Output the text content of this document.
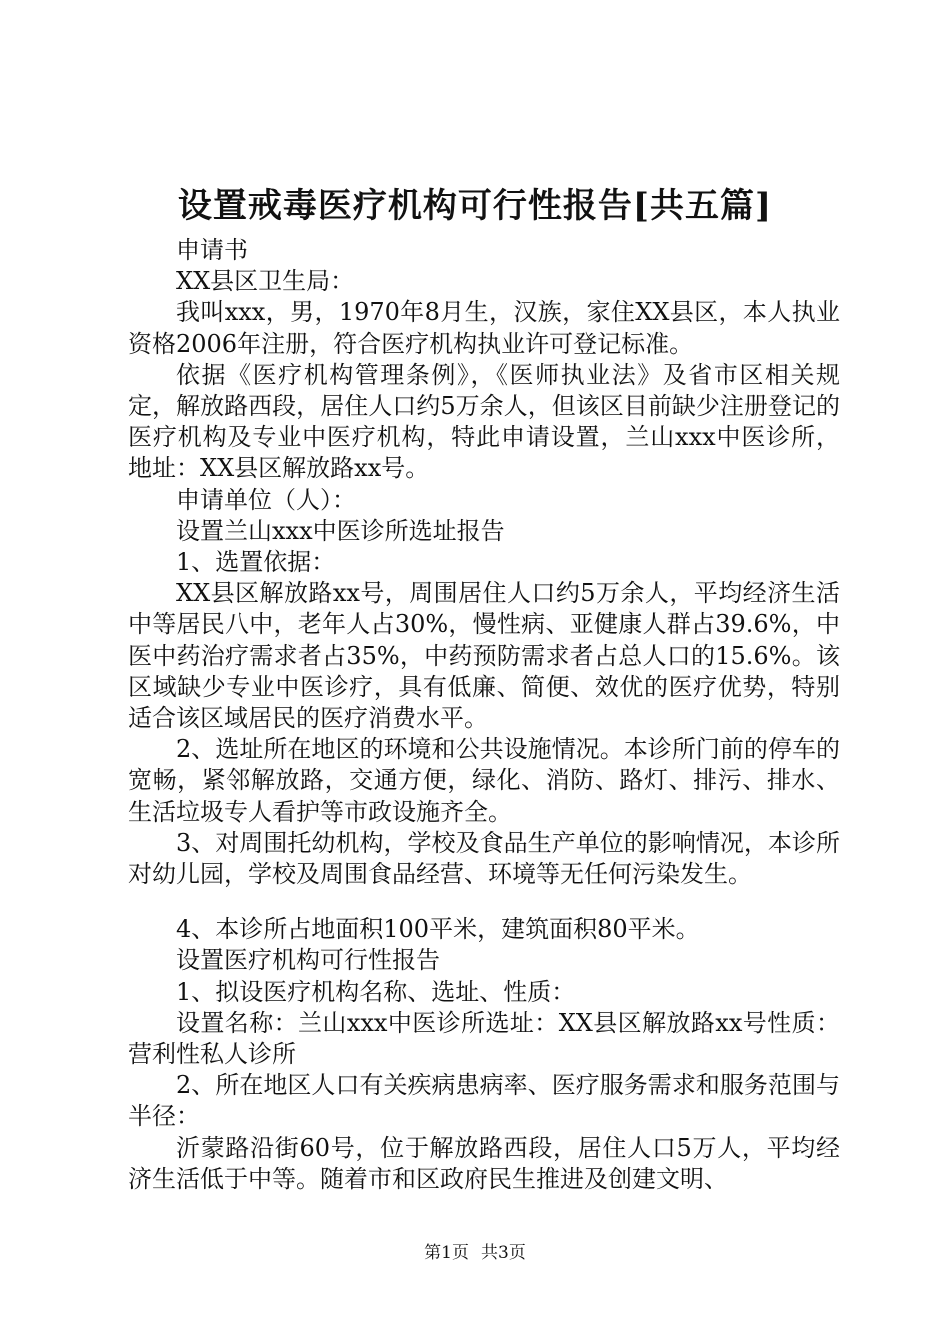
设置戒毒医疗机构可行性报告[共五篇]

申请书

XX县区卫生局：

我叫xxx，男，1970年8月生，汉族，家住XX县区，本人执业资格2006年注册，符合医疗机构执业许可登记标准。

依据《医疗机构管理条例》，《医师执业法》及省市区相关规定，解放路西段，居住人口约5万余人，但该区目前缺少注册登记的医疗机构及专业中医疗机构，特此申请设置，兰山xxx中医诊所，地址：XX县区解放路xx号。

申请单位（人）：

设置兰山xxx中医诊所选址报告

1、选置依据：

XX县区解放路xx号，周围居住人口约5万余人，平均经济生活中等居民八中，老年人占30%，慢性病、亚健康人群占39.6%，中医中药治疗需求者占35%，中药预防需求者占总人口的15.6%。该区域缺少专业中医诊疗，具有低廉、简便、效优的医疗优势，特别适合该区域居民的医疗消费水平。

2、选址所在地区的环境和公共设施情况。本诊所门前的停车的宽畅，紧邻解放路，交通方便，绿化、消防、路灯、排污、排水、生活垃圾专人看护等市政设施齐全。

3、对周围托幼机构，学校及食品生产单位的影响情况，本诊所对幼儿园，学校及周围食品经营、环境等无任何污染发生。

4、本诊所占地面积100平米，建筑面积80平米。

设置医疗机构可行性报告

1、拟设医疗机构名称、选址、性质：

设置名称：兰山xxx中医诊所选址：XX县区解放路xx号性质：营利性私人诊所

2、所在地区人口有关疾病患病率、医疗服务需求和服务范围与半径：

沂蒙路沿街60号，位于解放路西段，居住人口5万人，平均经济生活低于中等。随着市和区政府民生推进及创建文明、

第1页 共3页
